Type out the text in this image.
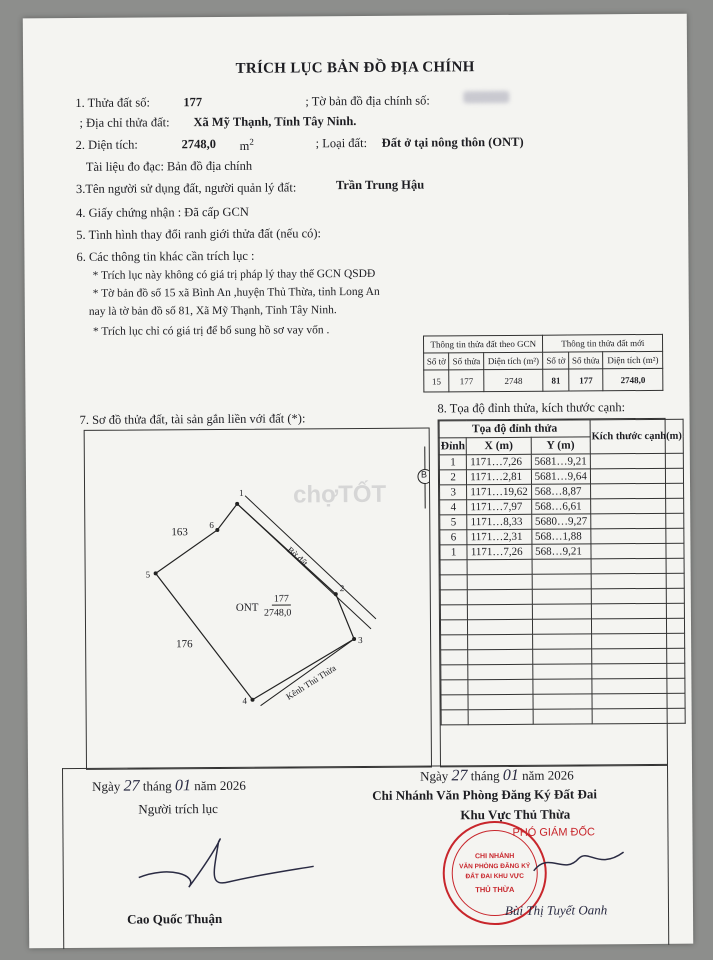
TRÍCH LỤC BẢN ĐỒ ĐỊA CHÍNH
1. Thửa đất số:	177	; Tờ bản đồ địa chính số:
; Địa chỉ thửa đất: Xã Mỹ Thạnh, Tỉnh Tây Ninh.
2. Diện tích:	2748,0 $m^2$	; Loại đất: Đất ở tại nông thôn (ONT)
Tài liệu đo đạc: Bản đồ địa chính
3.Tên người sử dụng đất, người quản lý đất:	Trần Trung Hậu
4. Giấy chứng nhận : Đã cấp GCN
5. Tình hình thay đổi ranh giới thửa đất (nếu có):
6. Các thông tin khác cần trích lục :
* Trích lục này không có giá trị pháp lý thay thế GCN QSDĐ
* Tờ bản đồ số 15 xã Bình An ,huyện Thủ Thừa, tỉnh Long An
nay là tờ bản đồ số 81, Xã Mỹ Thạnh, Tỉnh Tây Ninh.
* Trích lục chỉ có giá trị để bổ sung hồ sơ vay vốn .
Thông tin thửa đất theo GCN			Thông tin thửa đất mới		
Số tờ	Số thửa	Diện tích (m²)	Số tờ	Số thửa	Diện tích (m²)
15	177	2748	81	177	2748,0
7. Sơ đồ thửa đất, tài sản gắn liền với đất (*):
8. Tọa độ đỉnh thửa, kích thước cạnh:
B
1
2
3
4
5
6
163
176
Bờ đất
Kênh Thủ Thừa
ONT
177
2748,0
chợTỐT
Tọa độ đỉnh thửa			Kích thước cạnh(m)
Đỉnh	X (m)	Y (m)	
1	1171…7,26	5681…9,21	
2	1171…2,81	5681…9,64	
3	1171…19,62	568…8,87	
4	1171…7,97	568…6,61	
5	1171…8,33	5680…9,27	
6	1171…2,31	568…1,88	
1	1171…7,26	568…9,21	

Ngày 27 tháng 01 năm 2026
Người trích lục
Cao Quốc Thuận
Ngày 27 tháng 01 năm 2026
Chi Nhánh Văn Phòng Đăng Ký Đất Đai
Khu Vực Thủ Thừa
PHÓ GIÁM ĐỐC
CHI NHÁNH
VĂN PHÒNG ĐĂNG KÝ
ĐẤT ĐAI KHU VỰC
THỦ THỪA
Bùi Thị Tuyết Oanh
